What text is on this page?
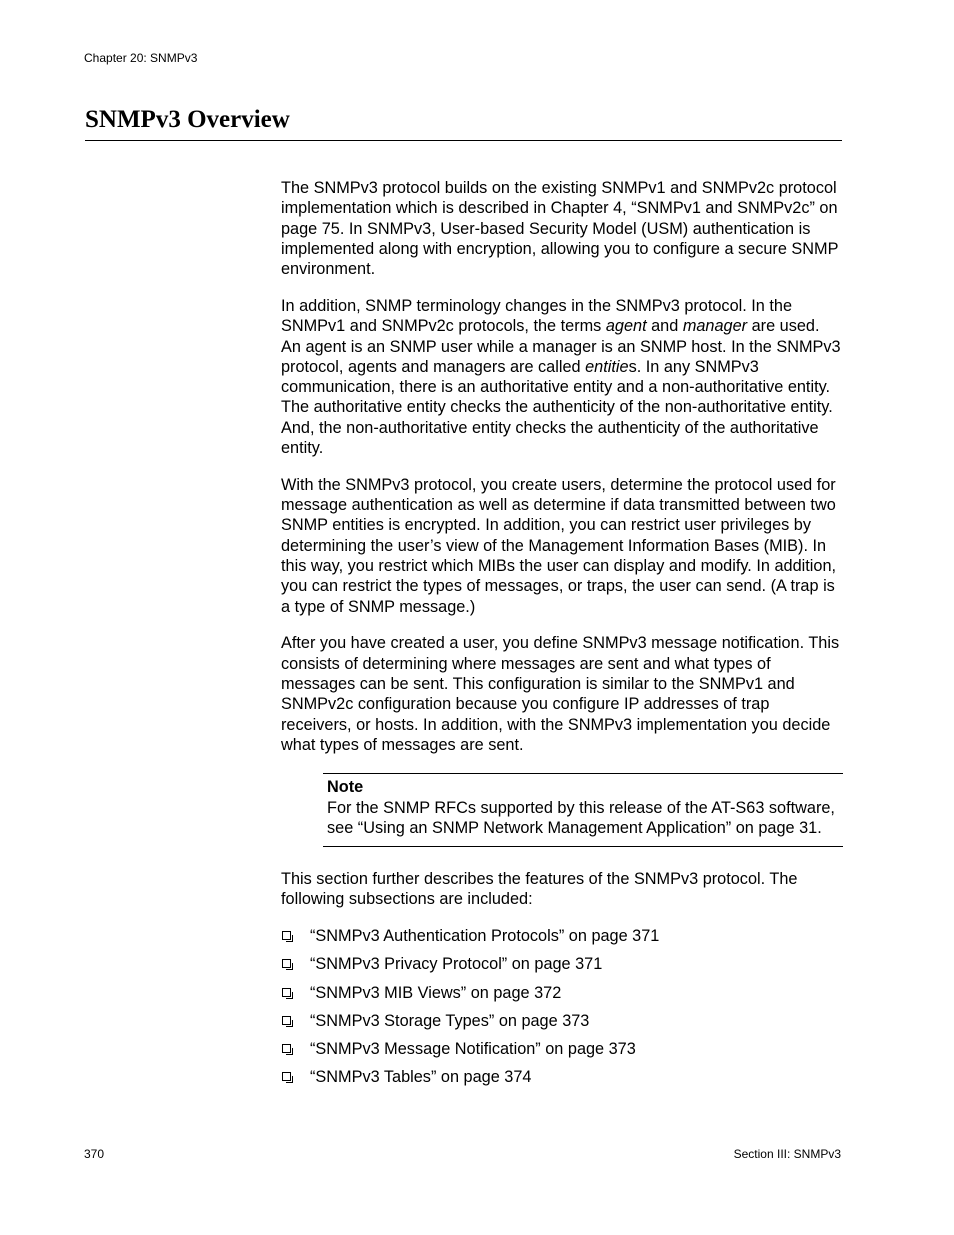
Chapter 20: SNMPv3
SNMPv3 Overview

The SNMPv3 protocol builds on the existing SNMPv1 and SNMPv2c protocol implementation which is described in Chapter 4, “SNMPv1 and SNMPv2c” on page 75. In SNMPv3, User-based Security Model (USM) authentication is implemented along with encryption, allowing you to configure a secure SNMP environment.

In addition, SNMP terminology changes in the SNMPv3 protocol. In the SNMPv1 and SNMPv2c protocols, the terms agent and manager are used. An agent is an SNMP user while a manager is an SNMP host. In the SNMPv3 protocol, agents and managers are called entities. In any SNMPv3 communication, there is an authoritative entity and a non-authoritative entity. The authoritative entity checks the authenticity of the non-authoritative entity. And, the non-authoritative entity checks the authenticity of the authoritative entity.

With the SNMPv3 protocol, you create users, determine the protocol used for message authentication as well as determine if data transmitted between two SNMP entities is encrypted. In addition, you can restrict user privileges by determining the user’s view of the Management Information Bases (MIB). In this way, you restrict which MIBs the user can display and modify. In addition, you can restrict the types of messages, or traps, the user can send. (A trap is a type of SNMP message.)

After you have created a user, you define SNMPv3 message notification. This consists of determining where messages are sent and what types of messages can be sent. This configuration is similar to the SNMPv1 and SNMPv2c configuration because you configure IP addresses of trap receivers, or hosts. In addition, with the SNMPv3 implementation you decide what types of messages are sent.

Note
For the SNMP RFCs supported by this release of the AT-S63 software, see “Using an SNMP Network Management Application” on page 31.

This section further describes the features of the SNMPv3 protocol. The following subsections are included:

“SNMPv3 Authentication Protocols” on page 371
“SNMPv3 Privacy Protocol” on page 371
“SNMPv3 MIB Views” on page 372
“SNMPv3 Storage Types” on page 373
“SNMPv3 Message Notification” on page 373
“SNMPv3 Tables” on page 374
370	Section III: SNMPv3
